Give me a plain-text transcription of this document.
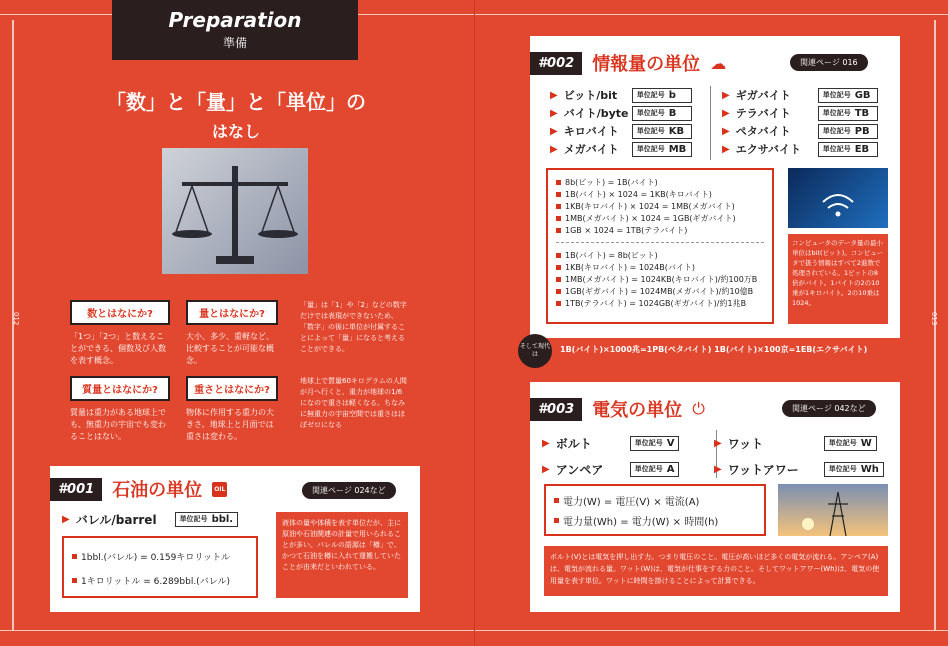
Preparation
準備
「数」と「量」と「単位」の
はなし
012	数とはなにか?
「1つ」「2つ」と数えることができる、個数及び人数を表す概念。
量とはなにか?
大小、多少、重軽など、比較することが可能な概念。
質量とはなにか?
質量は重力がある地球上でも、無重力の宇宙でも変わることはない。
重さとはなにか?
物体に作用する重力の大きさ。地球上と月面では重さは変わる。
「量」は「1」や「2」などの数字だけでは表現ができないため、「数字」の後に単位が付属することによって「量」になると考えることができる。
地球上で質量60キログラムの人間が月へ行くと、重力が地球の1/6になので重さは軽くなる。ちなみに無重力の宇宙空間では重さはほぼゼロになる
#001	石油の単位	OIL	関連ページ 024など
▶ バレル/barrel	単位記号 bbl.
1bbl.(バレル) = 0.159キロリットル
1キロリットル = 6.289bbl.(バレル)
液体の量や体積を表す単位だが、主に原油や石油関連の計量で用いられることが多い。バレルの語源は「樽」で、かつて石油を樽に入れて運搬していたことが由来だといわれている。
013
#002	情報量の単位 ☁	関連ページ 016
▶ ビット/bit	単位記号 b
▶ バイト/byte	単位記号 B
▶ キロバイト	単位記号 KB
▶ メガバイト	単位記号 MB
▶ ギガバイト	単位記号 GB
▶ テラバイト	単位記号 TB
▶ ペタバイト	単位記号 PB
▶ エクサバイト	単位記号 EB
8b(ビット) = 1B(バイト)
1B(バイト) × 1024 = 1KB(キロバイト)
1KB(キロバイト) × 1024 = 1MB(メガバイト)
1MB(メガバイト) × 1024 = 1GB(ギガバイト)
1GB × 1024 = 1TB(テラバイト)
1B(バイト) = 8b(ビット)
1KB(キロバイト) = 1024B(バイト)
1MB(メガバイト) = 1024KB(キロバイト)/約100万B
1GB(ギガバイト) = 1024MB(メガバイト)/約10億B
1TB(テラバイト) = 1024GB(ギガバイト)/約1兆B
コンピュータのデータ量の最小単位はbit(ビット)。コンピュータで扱う情報はすべて2進数で処理されている。1ビットの8倍がバイト。1バイトの2の10乗が1キロバイト。2の10乗は1024。
そして現代は
1B(バイト)×1000兆=1PB(ペタバイト) 1B(バイト)×100京=1EB(エクサバイト)
#003	電気の単位 ⏻	関連ページ 042など
▶ ボルト	単位記号 V
▶ アンペア	単位記号 A
▶ ワット	単位記号 W
▶ ワットアワー	単位記号 Wh
電力(W) = 電圧(V) × 電流(A)
電力量(Wh) = 電力(W) × 時間(h)
ボルト(V)とは電気を押し出す力。つまり電圧のこと。電圧が高いほど多くの電気が流れる。アンペア(A)は、電気が流れる量。ワット(W)は、電気が仕事をする力のこと。そしてワットアワー(Wh)は、電気の使用量を表す単位。ワットに時間を掛けることによって計算できる。
